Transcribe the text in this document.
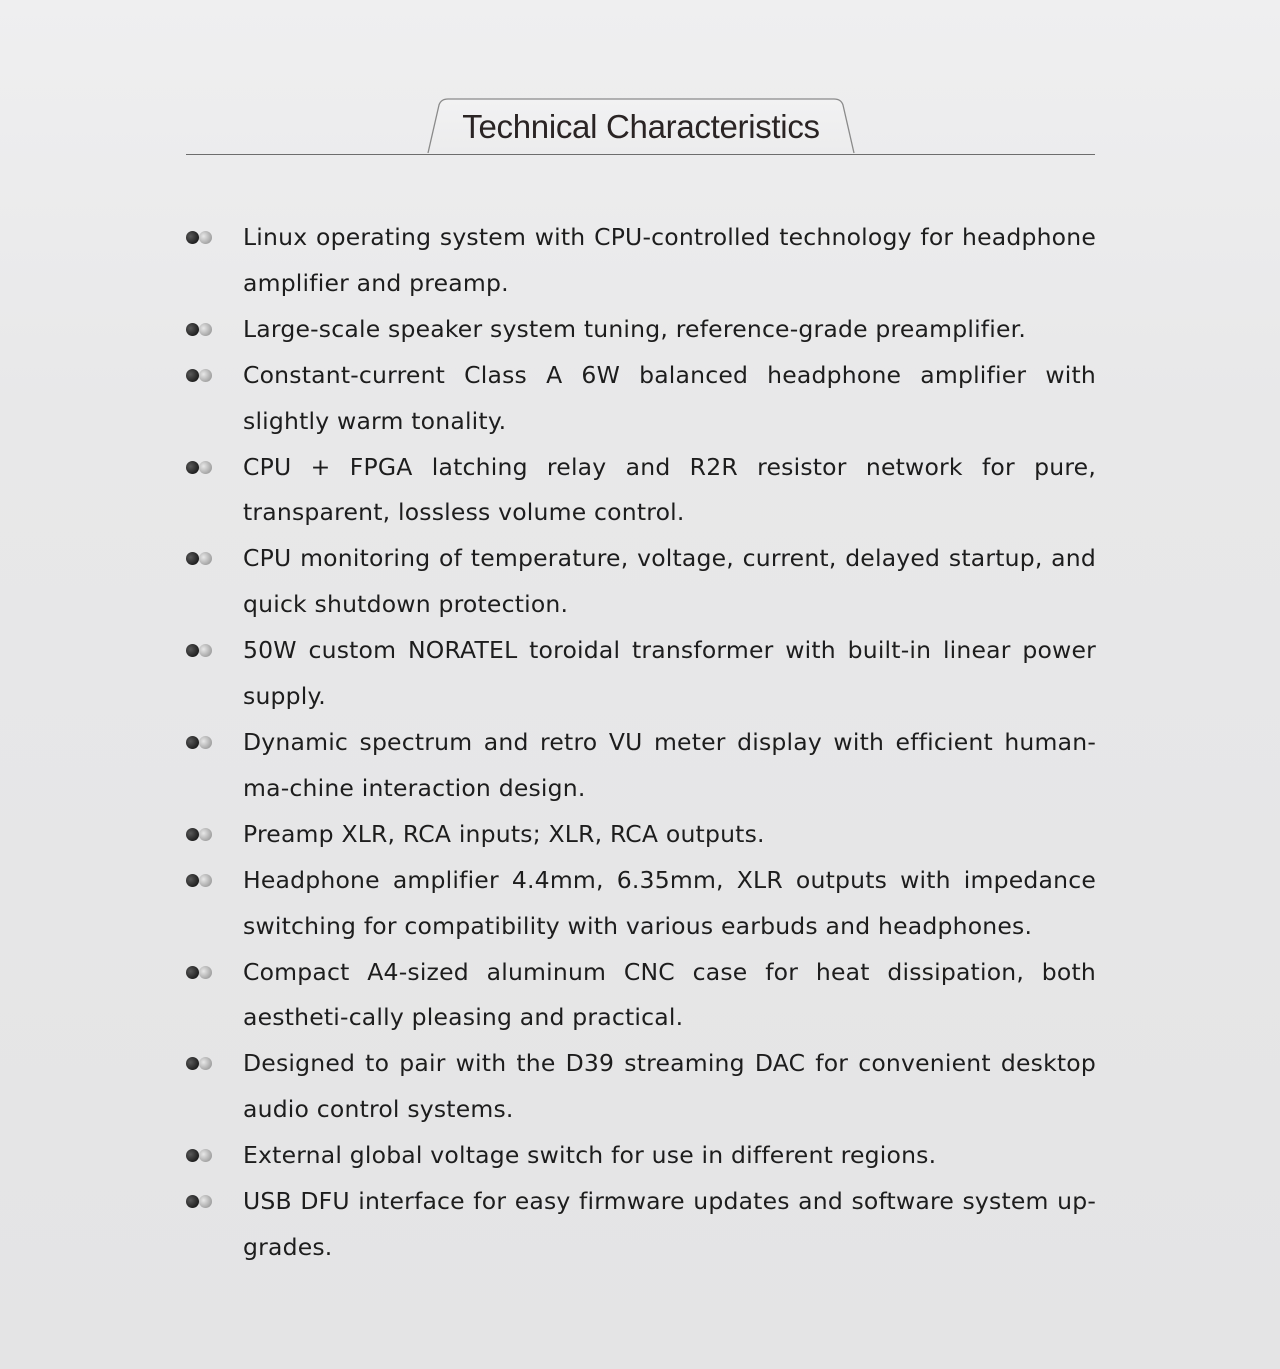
Technical Characteristics
Linux operating system with CPU-controlled technology for headphone amplifier and preamp.
Large-scale speaker system tuning, reference-grade preamplifier.
Constant-current Class A 6W balanced headphone amplifier with slightly warm tonality.
CPU + FPGA latching relay and R2R resistor network for pure, transparent, lossless volume control.
CPU monitoring of temperature, voltage, current, delayed startup, and quick shutdown protection.
50W custom NORATEL toroidal transformer with built-in linear power supply.
Dynamic spectrum and retro VU meter display with efficient human-ma-chine interaction design.
Preamp XLR, RCA inputs; XLR, RCA outputs.
Headphone amplifier 4.4mm, 6.35mm, XLR outputs with impedance switching for compatibility with various earbuds and headphones.
Compact A4-sized aluminum CNC case for heat dissipation, both aestheti-cally pleasing and practical.
Designed to pair with the D39 streaming DAC for convenient desktop audio control systems.
External global voltage switch for use in different regions.
USB DFU interface for easy firmware updates and software system up-grades.
